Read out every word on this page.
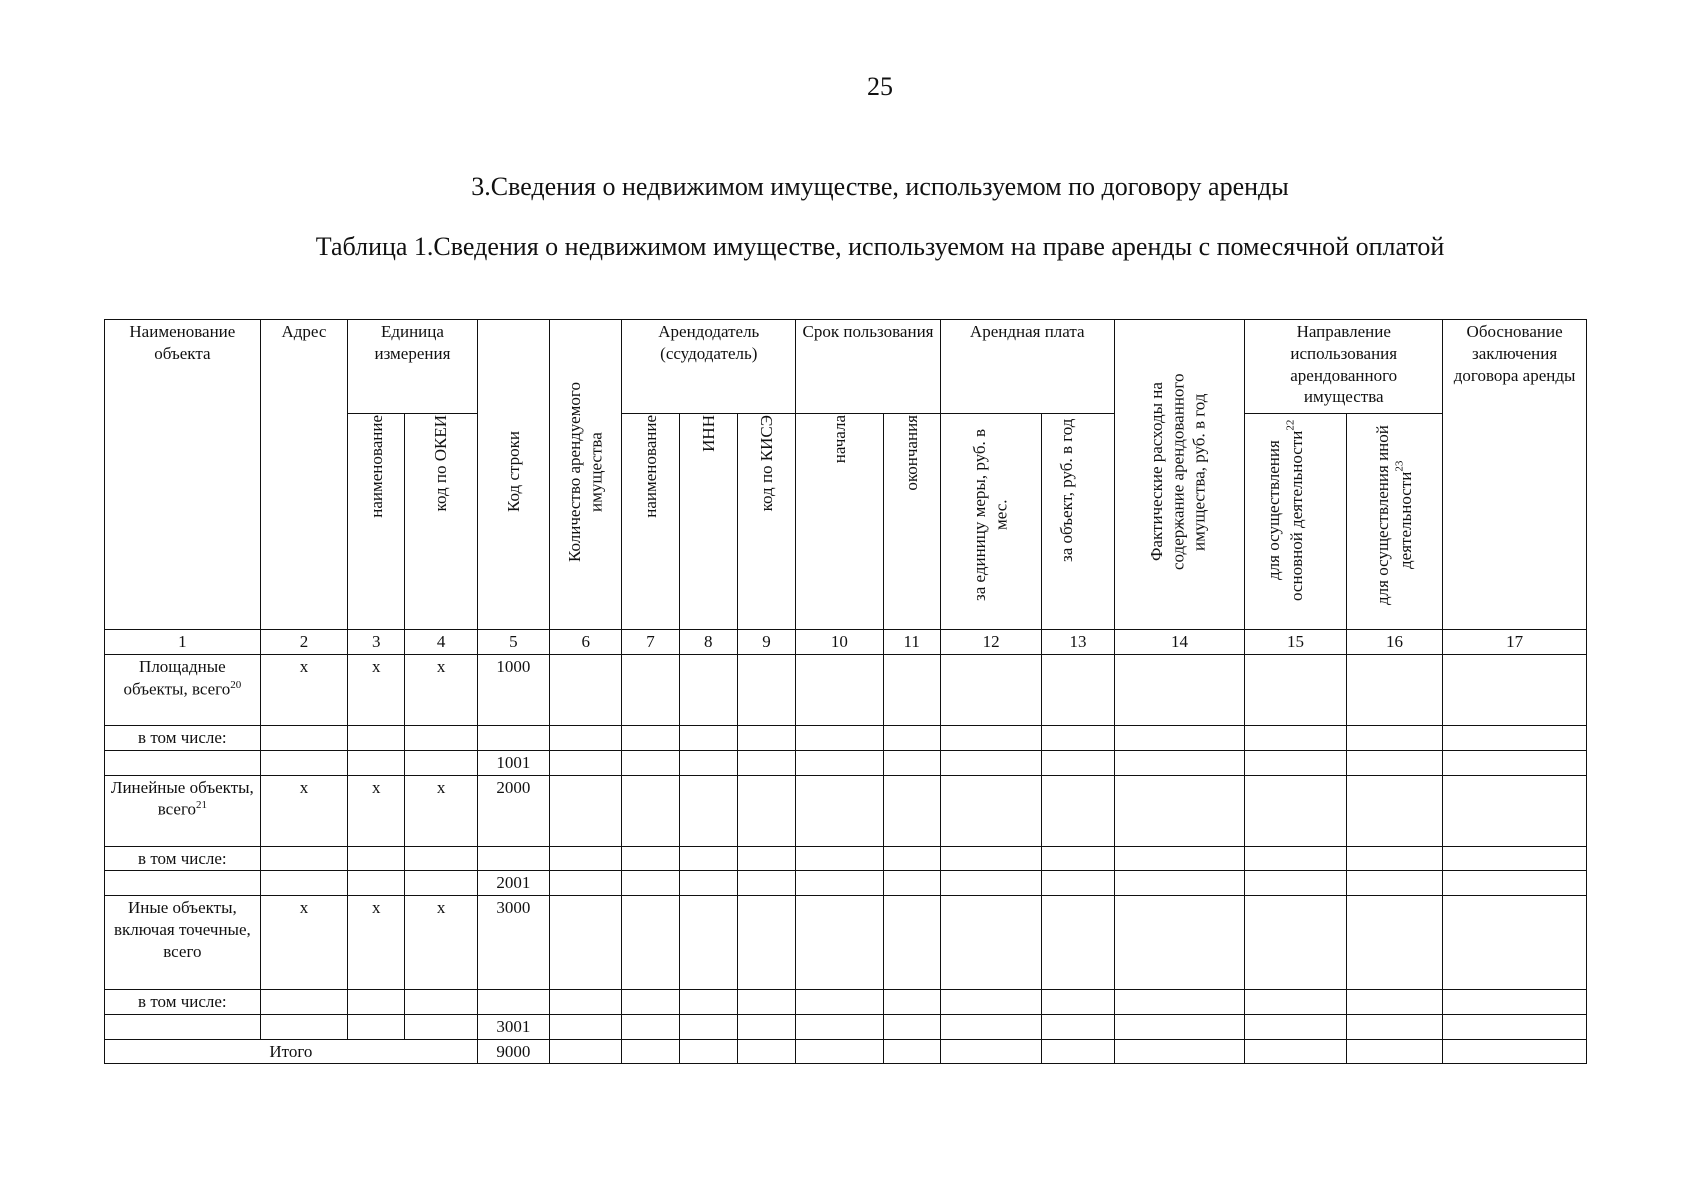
25
3.Сведения о недвижимом имуществе, используемом по договору аренды
Таблица 1.Сведения о недвижимом имуществе, используемом на праве аренды с помесячной оплатой
Наименование объекта	Адрес	Единица измерения		Код строки	Количество арендуемого имущества	Арендодатель (ссудодатель)			Срок пользования		Арендная плата		Фактические расходы на содержание арендованного имущества, руб. в год	Направление использования арендованного имущества		Обоснование заключения договора аренды
		наименование	код по ОКЕИ			наименование	ИНН	код по КИСЭ	начала	окончания	за единицу меры, руб. в мес.	за объект, руб. в год		для осуществления основной деятельности$^{22}$	для осуществления иной деятельности$^{23}$
1	2	3	4	5	6	7	8	9	10	11	12	13	14	15	16	17
Площадные объекты, всего$^{20}$	x	x	x	1000												
в том числе:																
				1001												
Линейные объекты, всего$^{21}$	x	x	x	2000												
в том числе:																
				2001												
Иные объекты, включая точечные, всего	x	x	x	3000												
в том числе:																
				3001												
Итого				9000												
